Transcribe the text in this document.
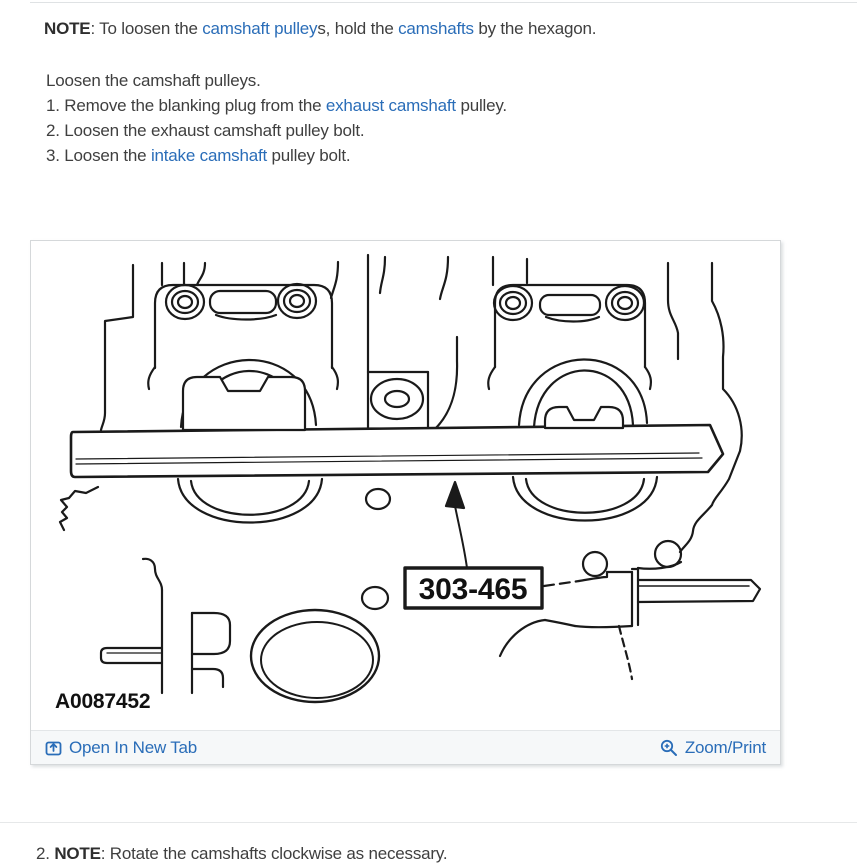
NOTE: To loosen the camshaft pulleys, hold the camshafts by the hexagon.
Loosen the camshaft pulleys.
1. Remove the blanking plug from the exhaust camshaft pulley.
2. Loosen the exhaust camshaft pulley bolt.
3. Loosen the intake camshaft pulley bolt.
303-465
A0087452
Open In New Tab	Zoom/Print
2. NOTE: Rotate the camshafts clockwise as necessary.
